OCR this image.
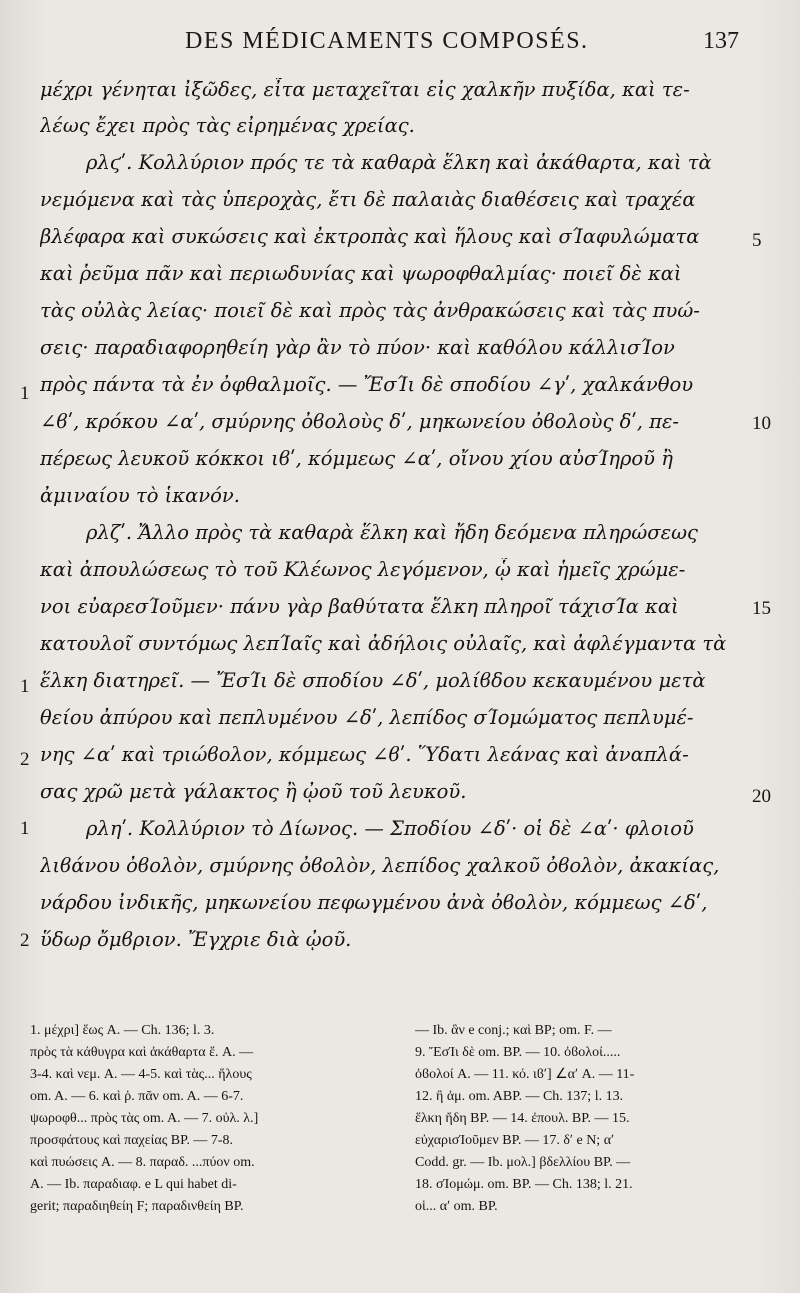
DES MÉDICAMENTS COMPOSÉS.	137
μέχρι γένηται ἰξῶδες, εἶτα μεταχεῖται εἰς χαλκῆν πυξίδα, καὶ τε-
λέως ἔχει πρὸς τὰς εἰρημένας χρείας.
ρλϛʹ. Κολλύριον πρός τε τὰ καθαρὰ ἕλκη καὶ ἀκάθαρτα, καὶ τὰ
νεμόμενα καὶ τὰς ὑπεροχὰς, ἔτι δὲ παλαιὰς διαθέσεις καὶ τραχέα
βλέφαρα καὶ συκώσεις καὶ ἐκτροπὰς καὶ ἥλους καὶ σΊαφυλώματα
καὶ ῥεῦμα πᾶν καὶ περιωδυνίας καὶ ψωροφθαλμίας· ποιεῖ δὲ καὶ
τὰς οὐλὰς λείας· ποιεῖ δὲ καὶ πρὸς τὰς ἀνθρακώσεις καὶ τὰς πυώ-
σεις· παραδιαφορηθείη γὰρ ἂν τὸ πύον· καὶ καθόλου κάλλισΊον
πρὸς πάντα τὰ ἐν ὀφθαλμοῖς. — ἜσΊι δὲ σποδίου ∠γʹ, χαλκάνθου
∠ϐʹ, κρόκου ∠αʹ, σμύρνης ὀϐολοὺς δʹ, μηκωνείου ὀϐολοὺς δʹ, πε-
πέρεως λευκοῦ κόκκοι ιϐʹ, κόμμεως ∠αʹ, οἴνου χίου αὐσΊηροῦ ἢ
ἀμιναίου τὸ ἱκανόν.
ρλζʹ. Ἄλλο πρὸς τὰ καθαρὰ ἕλκη καὶ ἤδη δεόμενα πληρώσεως
καὶ ἀπουλώσεως τὸ τοῦ Κλέωνος λεγόμενον, ᾧ καὶ ἡμεῖς χρώμε-
νοι εὐαρεσΊοῦμεν· πάνυ γὰρ βαθύτατα ἕλκη πληροῖ τάχισΊα καὶ
κατουλοῖ συντόμως λεπΊαῖς καὶ ἀδήλοις οὐλαῖς, καὶ ἀφλέγμαντα τὰ
ἕλκη διατηρεῖ. — ἜσΊι δὲ σποδίου ∠δʹ, μολίϐδου κεκαυμένου μετὰ
θείου ἀπύρου καὶ πεπλυμένου ∠δʹ, λεπίδος σΊομώματος πεπλυμέ-
νης ∠αʹ καὶ τριώϐολον, κόμμεως ∠ϐʹ. Ὕδατι λεάνας καὶ ἀναπλά-
σας χρῶ μετὰ γάλακτος ἢ ᾠοῦ τοῦ λευκοῦ.
ρληʹ. Κολλύριον τὸ Δίωνος. — Σποδίου ∠δʹ· οἱ δὲ ∠αʹ· φλοιοῦ
λιϐάνου ὀϐολὸν, σμύρνης ὀϐολὸν, λεπίδος χαλκοῦ ὀϐολὸν, ἀκακίας,
νάρδου ἰνδικῆς, μηκωνείου πεφωγμένου ἀνὰ ὀϐολὸν, κόμμεως ∠δʹ,
ὕδωρ ὄμϐριον. Ἔγχριε διὰ ᾠοῦ.
1
1
2
1
2
5
10
15
20
1. μέχρι] ἕως A. — Ch. 136; l. 3.
πρὸς τὰ κάθυγρα καὶ ἀκάθαρτα ἕ. A. —
3-4. καὶ νεμ. A. — 4-5. καὶ τὰς... ἥλους
om. A. — 6. καὶ ῥ. πᾶν om. A. — 6-7.
ψωροφθ... πρὸς τὰς om. A. — 7. οὐλ. λ.]
προσφάτους καὶ παχείας BP. — 7-8.
καὶ πυώσεις A. — 8. παραδ. ...πύον om.
A. — Ib. παραδιαφ. e L qui habet di-
gerit; παραδιηθείη F; παραδινθείη BP.
— Ib. ἂν e conj.; καὶ BP; om. F. —
9. ἜσΊι δὲ om. BP. — 10. ὀϐολοί.....
ὀϐολοί A. — 11. κό. ιϐʹ] ∠αʹ A. — 11-
12. ἢ ἀμ. om. ABP. — Ch. 137; l. 13.
ἕλκη ἤδη BP. — 14. ἐπουλ. BP. — 15.
εὐχαρισΊοῦμεν BP. — 17. δʹ e N; αʹ
Codd. gr. — Ib. μολ.] βδελλίου BP. —
18. σΊομώμ. om. BP. — Ch. 138; l. 21.
οἱ... αʹ om. BP.
